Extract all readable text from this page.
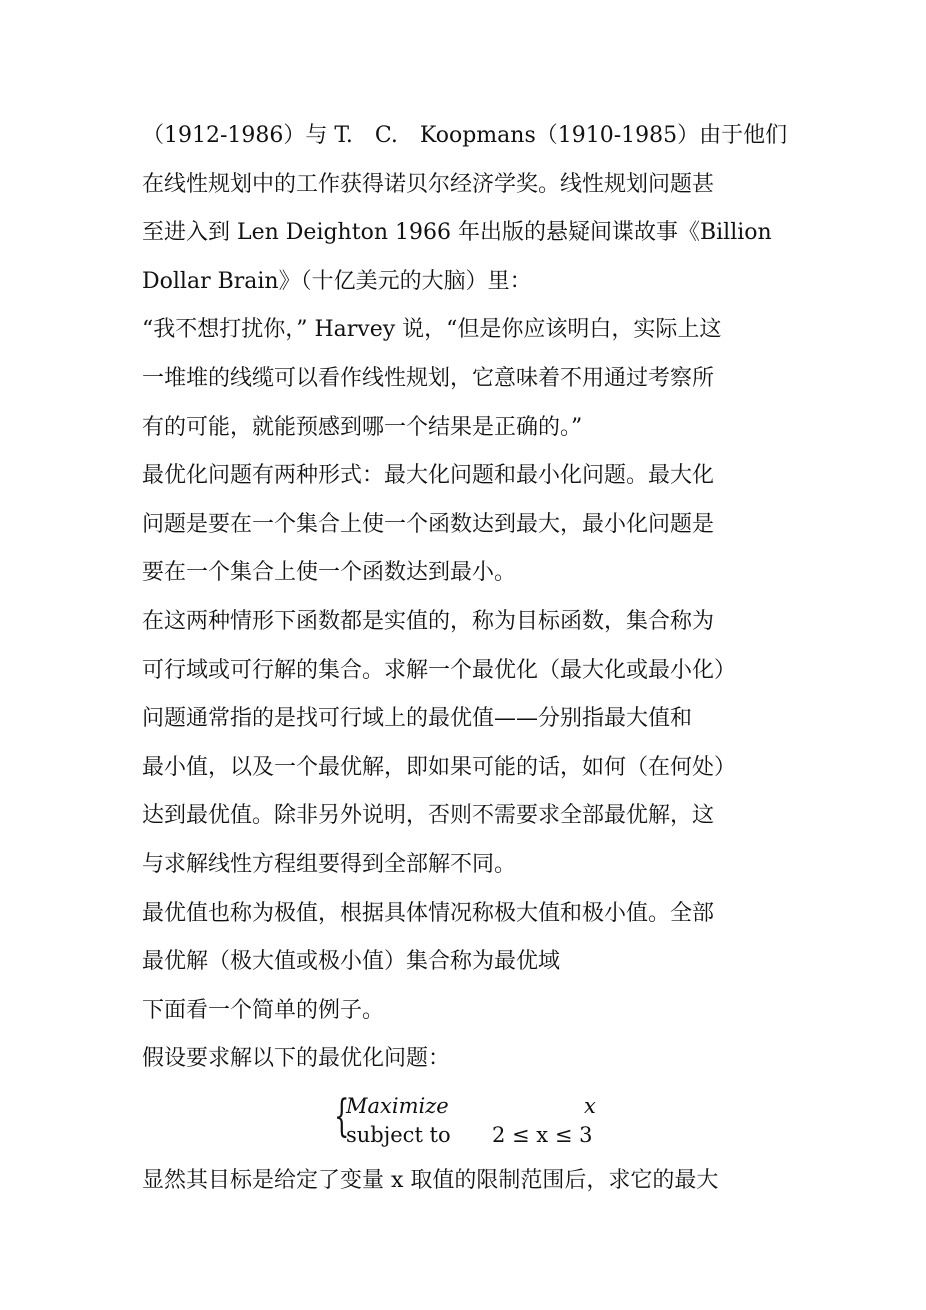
（1912-1986）与 T.　C.　Koopmans（1910-1985）由于他们
在线性规划中的工作获得诺贝尔经济学奖。线性规划问题甚
至进入到 Len Deighton 1966 年出版的悬疑间谍故事《Billion
Dollar Brain》（十亿美元的大脑）里：
“我不想打扰你，” Harvey 说，“但是你应该明白，实际上这
一堆堆的线缆可以看作线性规划，它意味着不用通过考察所
有的可能，就能预感到哪一个结果是正确的。”
最优化问题有两种形式：最大化问题和最小化问题。最大化
问题是要在一个集合上使一个函数达到最大，最小化问题是
要在一个集合上使一个函数达到最小。
在这两种情形下函数都是实值的，称为目标函数，集合称为
可行域或可行解的集合。求解一个最优化（最大化或最小化）
问题通常指的是找可行域上的最优值——分别指最大值和
最小值，以及一个最优解，即如果可能的话，如何（在何处）
达到最优值。除非另外说明，否则不需要求全部最优解，这
与求解线性方程组要得到全部解不同。
最优值也称为极值，根据具体情况称极大值和极小值。全部
最优解（极大值或极小值）集合称为最优域
下面看一个简单的例子。
假设要求解以下的最优化问题：
{
Maximize	x
subject to 2 ≤ x ≤ 3
显然其目标是给定了变量 x 取值的限制范围后，求它的最大
